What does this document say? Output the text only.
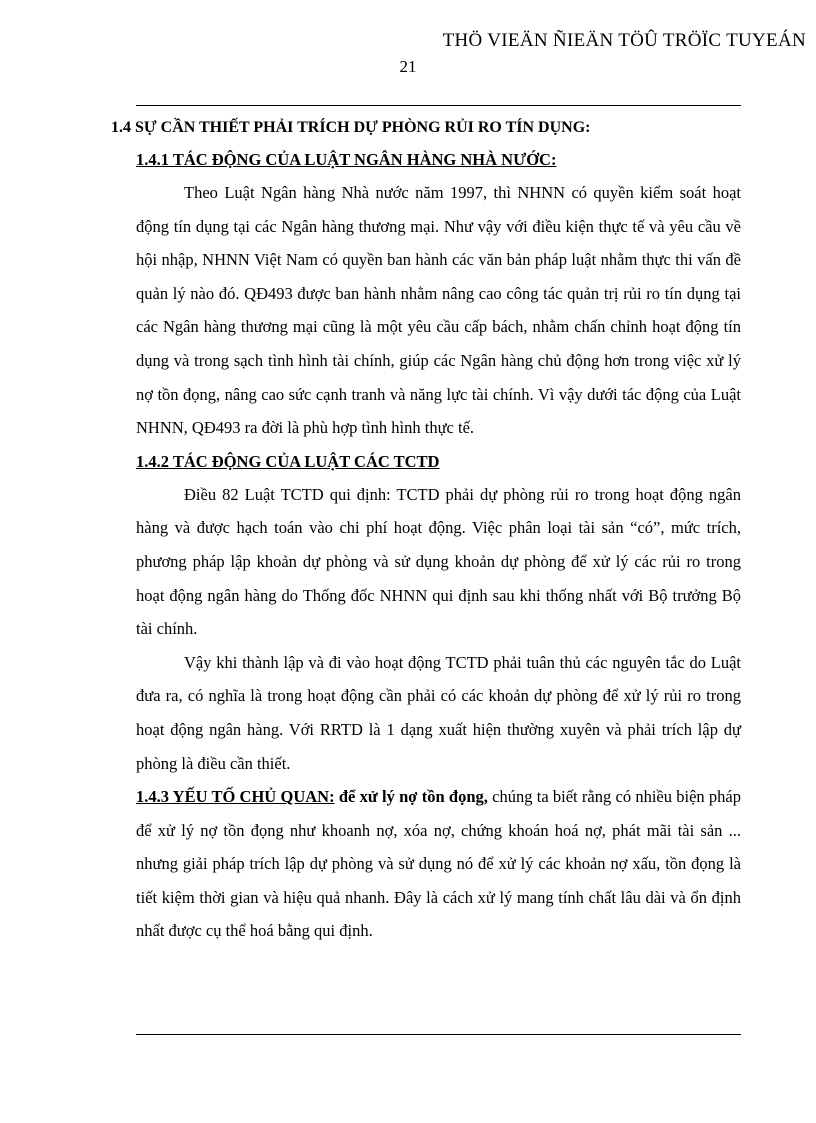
THÖ VIEÄN ÑIEÄN TÖÛ TRÖÏC TUYEÁN
21
1.4 SỰ CẦN THIẾT PHẢI TRÍCH DỰ PHÒNG RỦI RO TÍN DỤNG:
1.4.1 TÁC ĐỘNG CỦA LUẬT NGÂN HÀNG NHÀ NƯỚC:

Theo Luật Ngân hàng Nhà nước năm 1997, thì NHNN có quyền kiểm soát hoạt động tín dụng tại các Ngân hàng thương mại. Như vậy với điều kiện thực tế và yêu cầu về hội nhập, NHNN Việt Nam có quyền ban hành các văn bản pháp luật nhằm thực thi vấn đề quản lý nào đó. QĐ493 được ban hành nhằm nâng cao công tác quản trị rủi ro tín dụng tại các Ngân hàng thương mại cũng là một yêu cầu cấp bách, nhằm chấn chỉnh hoạt động tín dụng và trong sạch tình hình tài chính, giúp các Ngân hàng chủ động hơn trong việc xử lý nợ tồn đọng, nâng cao sức cạnh tranh và năng lực tài chính. Vì vậy dưới tác động của Luật NHNN, QĐ493 ra đời là phù hợp tình hình thực tế.

1.4.2 TÁC ĐỘNG CỦA LUẬT CÁC TCTD

Điều 82 Luật TCTD qui định: TCTD phải dự phòng rủi ro trong hoạt động ngân hàng và được hạch toán vào chi phí hoạt động. Việc phân loại tài sản “có”, mức trích, phương pháp lập khoản dự phòng và sử dụng khoản dự phòng để xử lý các rủi ro trong hoạt động ngân hàng do Thống đốc NHNN qui định sau khi thống nhất với Bộ trưởng Bộ tài chính.

Vậy khi thành lập và đi vào hoạt động TCTD phải tuân thủ các nguyên tắc do Luật đưa ra, có nghĩa là trong hoạt động cần phải có các khoản dự phòng để xử lý rủi ro trong hoạt động ngân hàng. Với RRTD là 1 dạng xuất hiện thường xuyên và phải trích lập dự phòng là điều cần thiết.

1.4.3 YẾU TỐ CHỦ QUAN: để xử lý nợ tồn đọng, chúng ta biết rằng có nhiều biện pháp để xử lý nợ tồn đọng như khoanh nợ, xóa nợ, chứng khoán hoá nợ, phát mãi tài sản ... nhưng giải pháp trích lập dự phòng và sử dụng nó để xử lý các khoản nợ xấu, tồn đọng là tiết kiệm thời gian và hiệu quả nhanh. Đây là cách xử lý mang tính chất lâu dài và ổn định nhất được cụ thể hoá bằng qui định.
